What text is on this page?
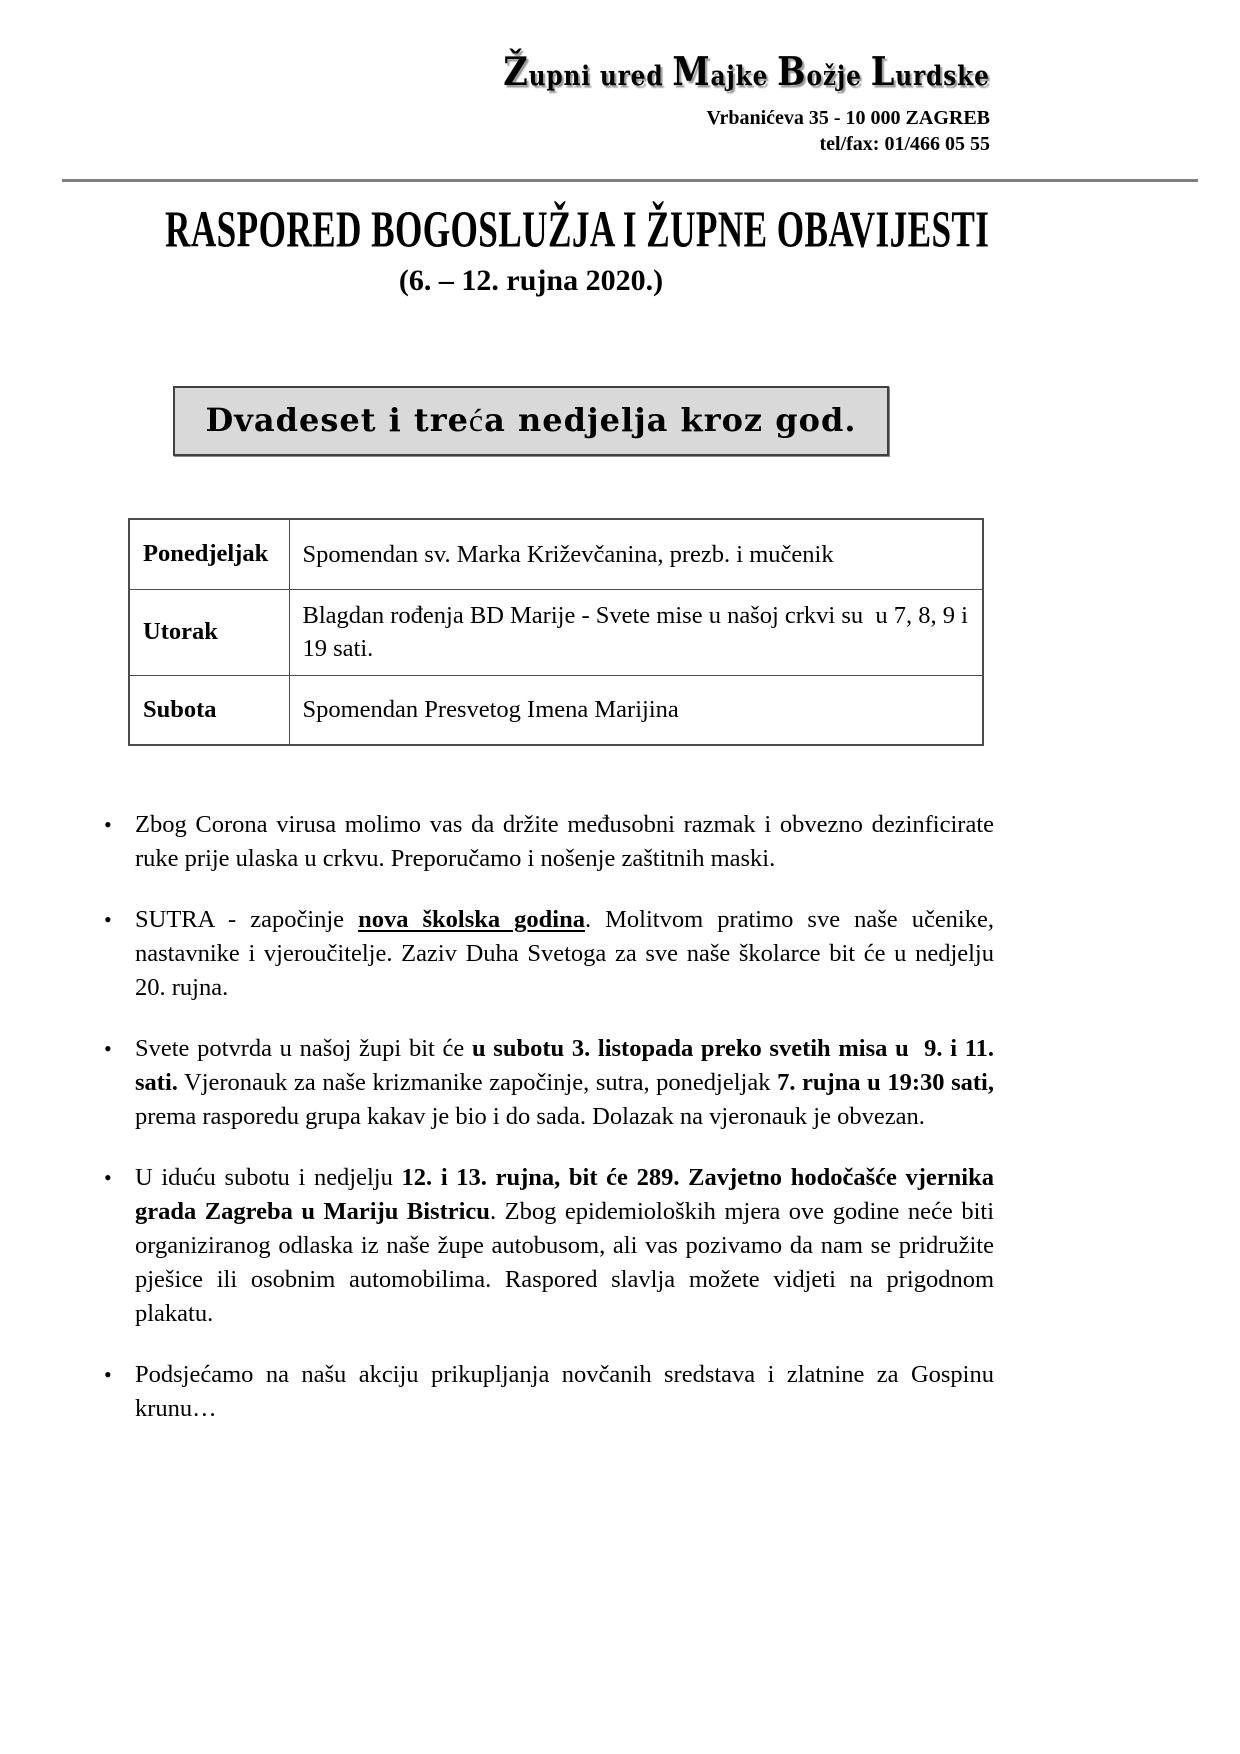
Župni ured Majke Božje Lurdske
Vrbanićeva 35 - 10 000 ZAGREB
tel/fax: 01/466 05 55
RASPORED BOGOSLUŽJA I ŽUPNE OBAVIJESTI
(6. – 12. rujna 2020.)
Dvadeset i treća nedjelja kroz god.
Ponedjeljak	Spomendan sv. Marka Križevčanina, prezb. i mučenik
Utorak	Blagdan rođenja BD Marije - Svete mise u našoj crkvi su  u 7, 8, 9 i 19 sati.
Subota	Spomendan Presvetog Imena Marijina
• Zbog Corona virusa molimo vas da držite međusobni razmak i obvezno dezinficirate ruke prije ulaska u crkvu. Preporučamo i nošenje zaštitnih maski.
• SUTRA - započinje nova školska godina. Molitvom pratimo sve naše učenike, nastavnike i vjeroučitelje. Zaziv Duha Svetoga za sve naše školarce bit će u nedjelju 20. rujna.
• Svete potvrda u našoj župi bit će u subotu 3. listopada preko svetih misa u  9. i 11. sati. Vjeronauk za naše krizmanike započinje, sutra, ponedjeljak 7. rujna u 19:30 sati, prema rasporedu grupa kakav je bio i do sada. Dolazak na vjeronauk je obvezan.
• U iduću subotu i nedjelju 12. i 13. rujna, bit će 289. Zavjetno hodočašće vjernika grada Zagreba u Mariju Bistricu. Zbog epidemioloških mjera ove godine neće biti organiziranog odlaska iz naše župe autobusom, ali vas pozivamo da nam se pridružite pješice ili osobnim automobilima. Raspored slavlja možete vidjeti na prigodnom plakatu.
• Podsjećamo na našu akciju prikupljanja novčanih sredstava i zlatnine za Gospinu krunu…
